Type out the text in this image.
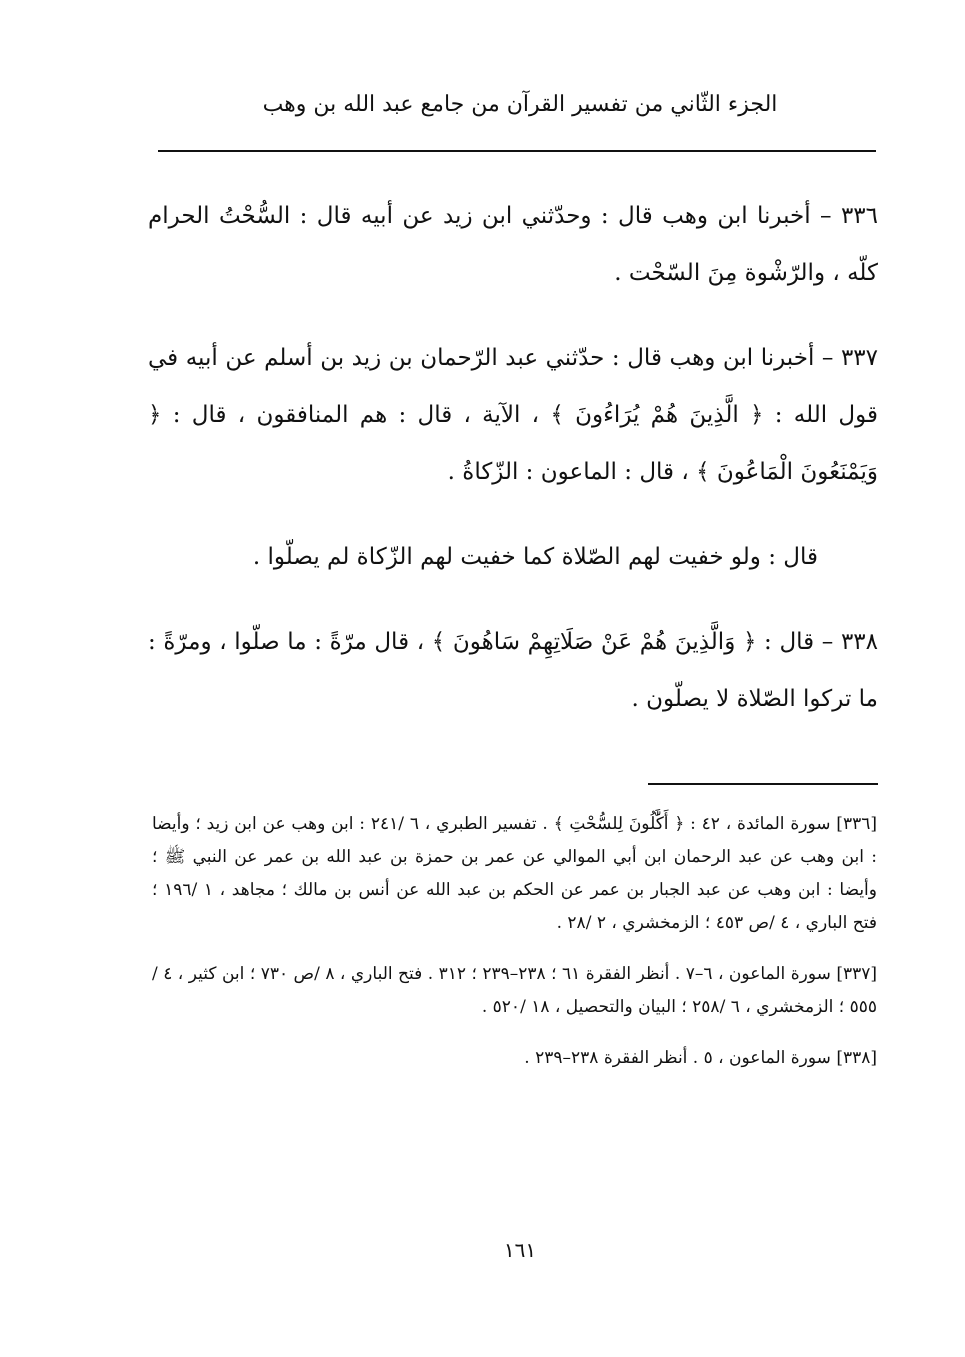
الجزء الثّاني من تفسير القرآن من جامع عبد الله بن وهب

٣٣٦ – أخبرنا ابن وهب قال : وحدّثني ابن زيد عن أبيه قال : السُّحْتُ الحرام كلّه ، والرّشْوة مِنَ السّحْت .

٣٣٧ – أخبرنا ابن وهب قال : حدّثني عبد الرّحمان بن زيد بن أسلم عن أبيه في قول الله : ﴿ الَّذِينَ هُمْ يُرَاءُونَ ﴾ ، الآية ، قال : هم المنافقون ، قال : ﴿ وَيَمْنَعُونَ الْمَاعُونَ ﴾ ، قال : الماعون : الزّكاةُ .

قال : ولو خفيت لهم الصّلاة كما خفيت لهم الزّكاة لم يصلّوا .

٣٣٨ – قال : ﴿ وَالَّذِينَ هُمْ عَنْ صَلَاتِهِمْ سَاهُونَ ﴾ ، قال مرّةً : ما صلّوا ، ومرّةً : ما تركوا الصّلاة لا يصلّون .

[٣٣٦] سورة المائدة ، ٤٢ : ﴿ أَكَّٰلُونَ لِلسُّحْتِ ﴾ . تفسير الطبري ، ٦ /٢٤١ : ابن وهب عن ابن زيد ؛ وأيضا : ابن وهب عن عبد الرحمان ابن أبي الموالي عن عمر بن حمزة بن عبد الله بن عمر عن النبي ﷺ ؛ وأيضا : ابن وهب عن عبد الجبار بن عمر عن الحكم بن عبد الله عن أنس بن مالك ؛ مجاهد ، ١ /١٩٦ ؛ فتح الباري ، ٤ /ص ٤٥٣ ؛ الزمخشري ، ٢ /٢٨ .

[٣٣٧] سورة الماعون ، ٦–٧ . أنظر الفقرة ٦١ ؛ ٢٣٨–٢٣٩ ؛ ٣١٢ . فتح الباري ، ٨ /ص ٧٣٠ ؛ ابن كثير ، ٤ /٥٥٥ ؛ الزمخشري ، ٦ /٢٥٨ ؛ البيان والتحصيل ، ١٨ /٥٢٠ .

[٣٣٨] سورة الماعون ، ٥ . أنظر الفقرة ٢٣٨–٢٣٩ .

١٦١
